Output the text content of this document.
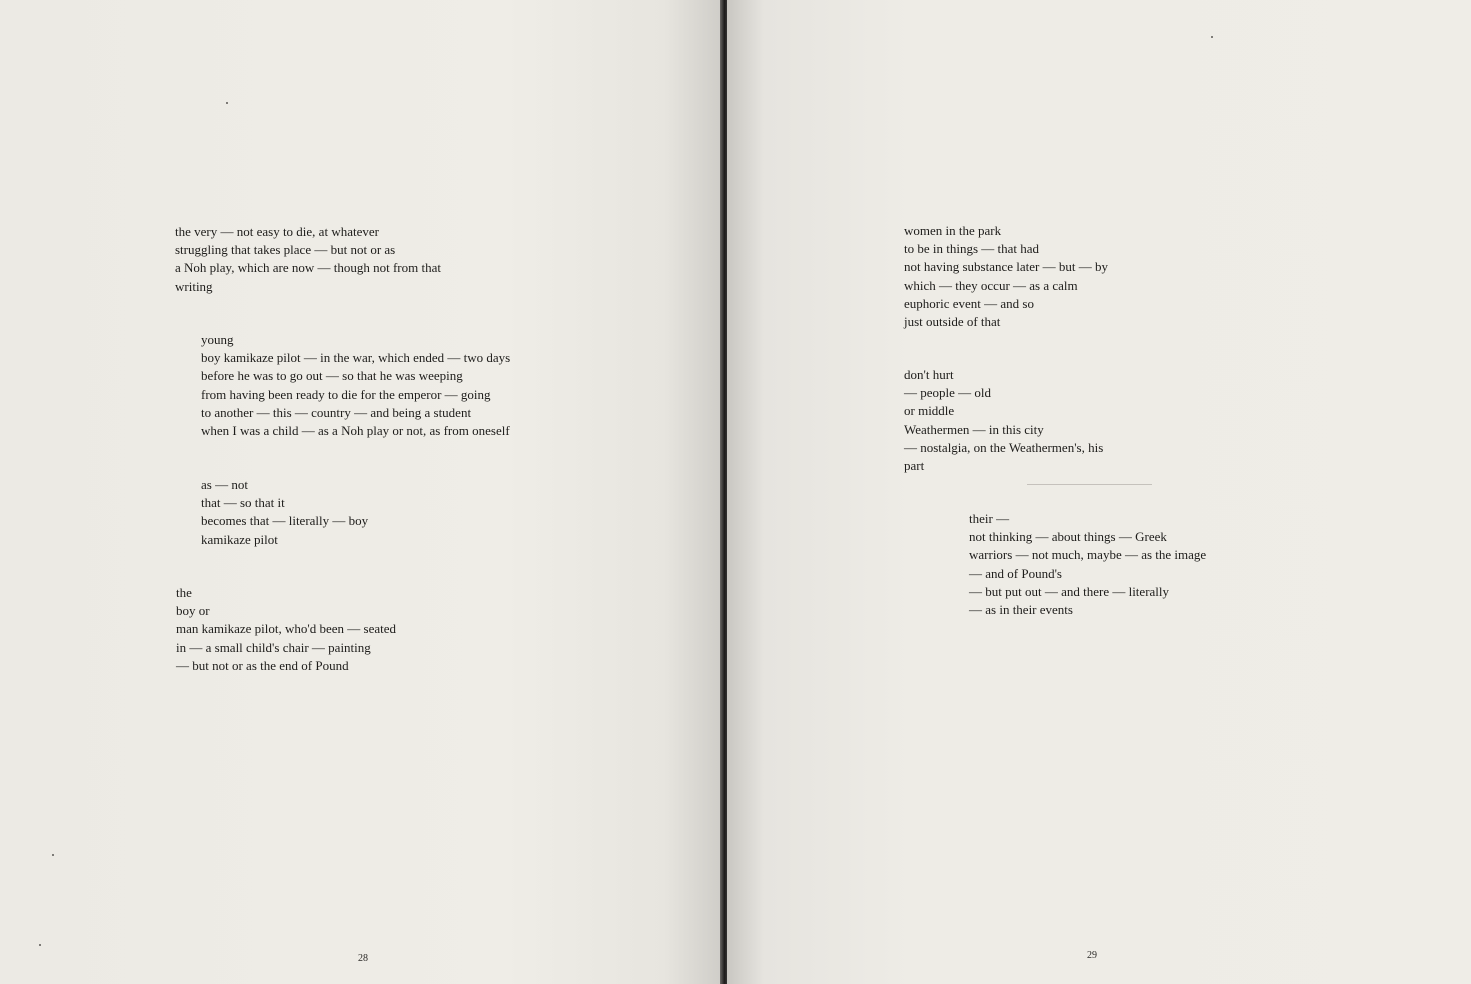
the very — not easy to die, at whatever
struggling that takes place — but not or as
a Noh play, which are now — though not from that
writing

young
boy kamikaze pilot — in the war, which ended — two days
before he was to go out — so that he was weeping
from having been ready to die for the emperor — going
to another — this — country — and being a student
when I was a child — as a Noh play or not, as from oneself

as — not
that — so that it
becomes that — literally — boy
kamikaze pilot

the
boy or
man kamikaze pilot, who'd been — seated
in — a small child's chair — painting
— but not or as the end of Pound

28

women in the park
to be in things — that had
not having substance later — but — by
which — they occur — as a calm
euphoric event — and so
just outside of that

don't hurt
— people — old
or middle
Weathermen — in this city
— nostalgia, on the Weathermen's, his
part

their —
not thinking — about things — Greek
warriors — not much, maybe — as the image
— and of Pound's
— but put out — and there — literally
— as in their events

29
